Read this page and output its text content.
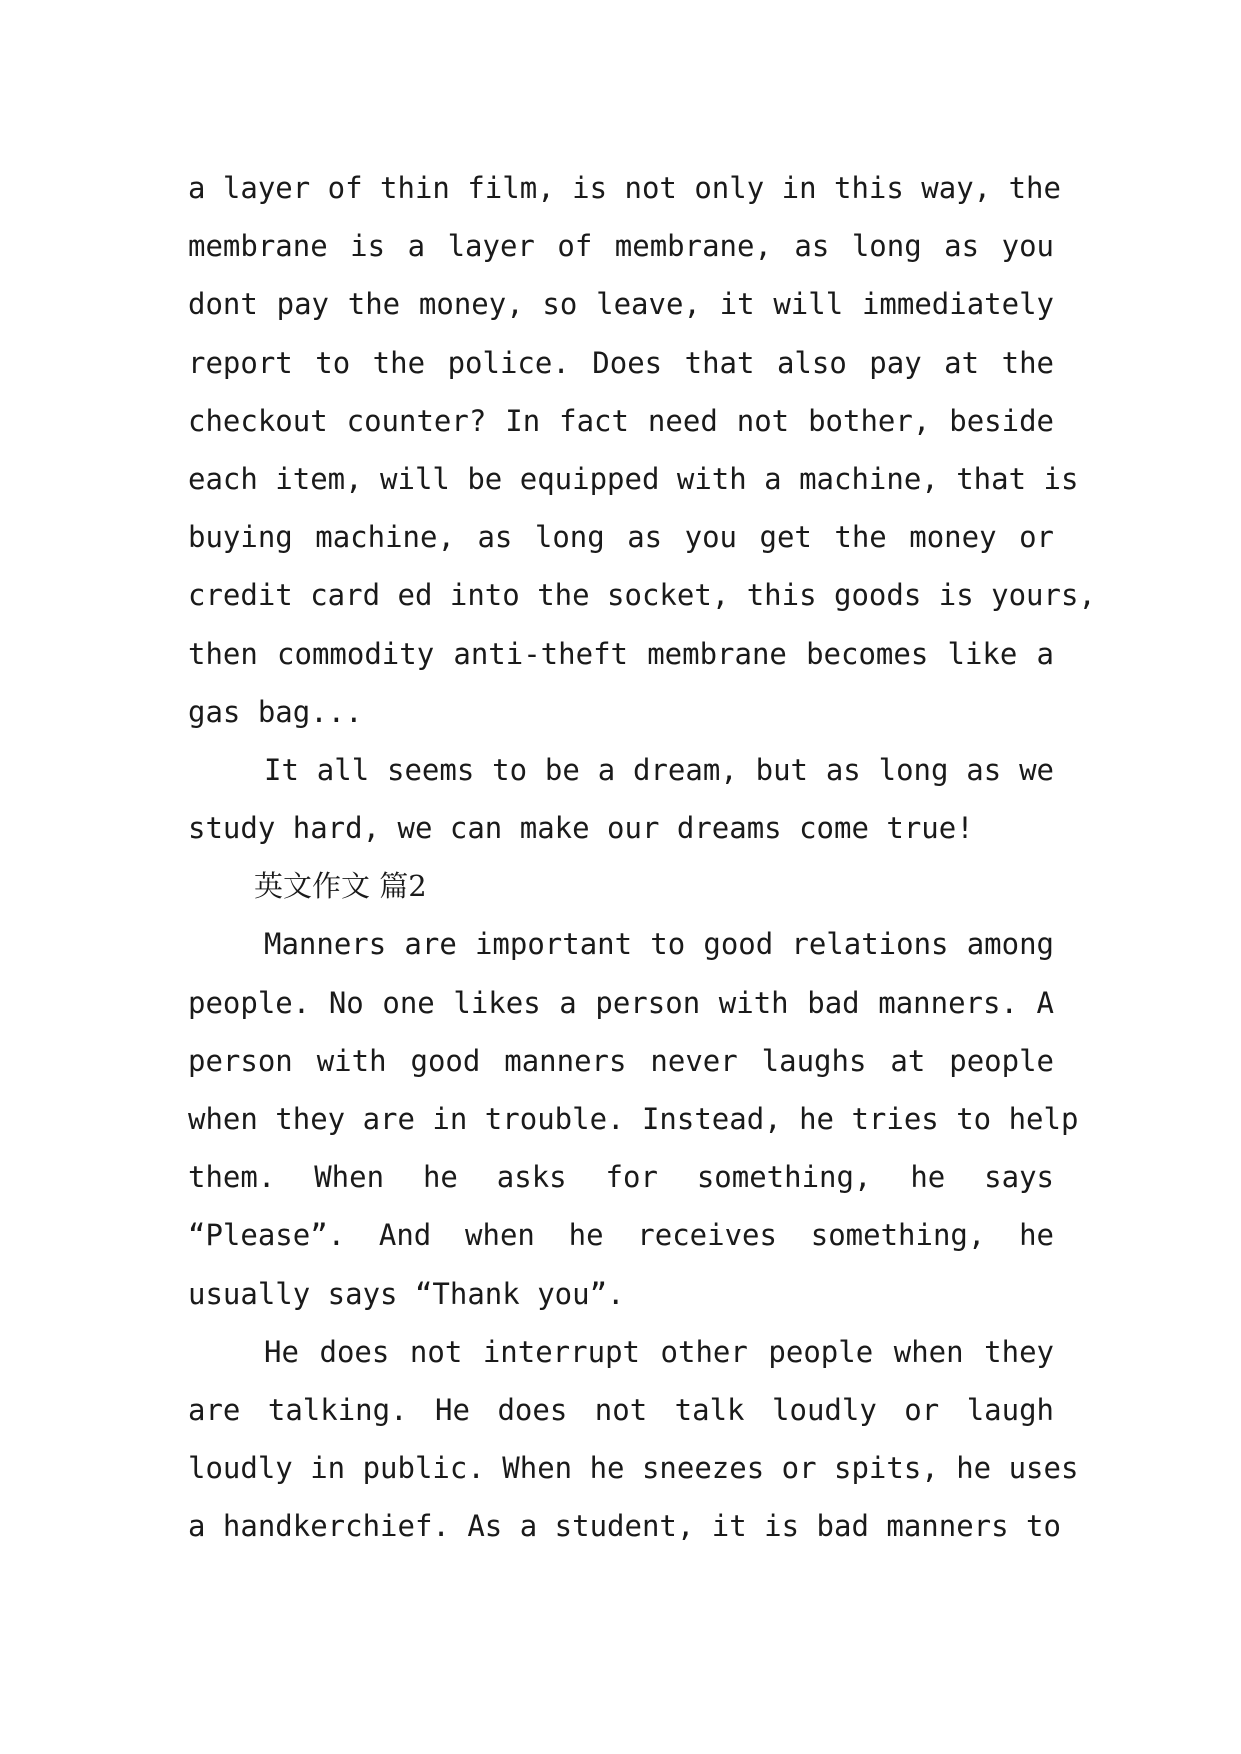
a layer of thin film, is not only in this way, the
membrane is a layer of membrane, as long as you
dont pay the money, so leave, it will immediately
report to the police. Does that also pay at the
checkout counter? In fact need not bother, beside
each item, will be equipped with a machine, that is
buying machine, as long as you get the money or
credit card ed into the socket, this goods is yours,
then commodity anti-theft membrane becomes like a
gas bag...
It all seems to be a dream, but as long as we
study hard, we can make our dreams come true!
英文作文 篇2
Manners are important to good relations among
people. No one likes a person with bad manners. A
person with good manners never laughs at people
when they are in trouble. Instead, he tries to help
them. When he asks for something, he says
“Please”. And when he receives something, he
usually says “Thank you”.
He does not interrupt other people when they
are talking. He does not talk loudly or laugh
loudly in public. When he sneezes or spits, he uses
a handkerchief. As a student, it is bad manners to
